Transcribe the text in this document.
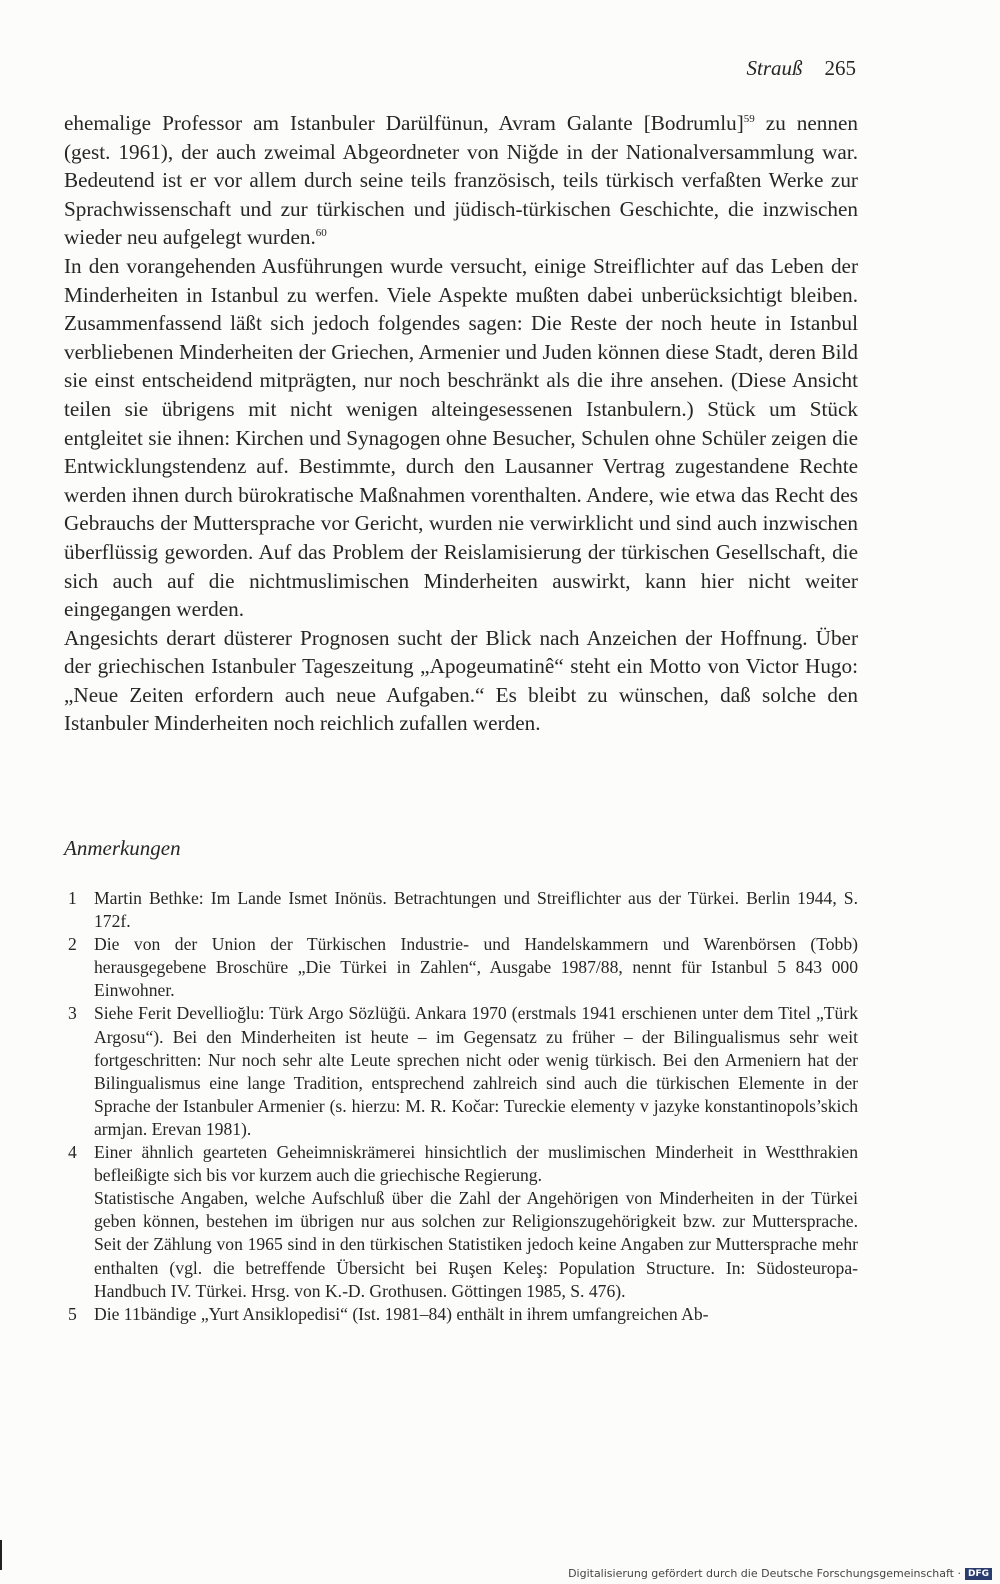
Strauß 265

ehemalige Professor am Istanbuler Darülfünun, Avram Galante [Bodrumlu]$^{59}$ zu nennen (gest. 1961), der auch zweimal Abgeordneter von Niğde in der Nationalversammlung war. Bedeutend ist er vor allem durch seine teils französisch, teils türkisch verfaßten Werke zur Sprachwissenschaft und zur türkischen und jüdisch-türkischen Geschichte, die inzwischen wieder neu aufgelegt wurden.$^{60}$

In den vorangehenden Ausführungen wurde versucht, einige Streiflichter auf das Leben der Minderheiten in Istanbul zu werfen. Viele Aspekte mußten dabei unberücksichtigt bleiben. Zusammenfassend läßt sich jedoch folgendes sagen: Die Reste der noch heute in Istanbul verbliebenen Minderheiten der Griechen, Armenier und Juden können diese Stadt, deren Bild sie einst entscheidend mitprägten, nur noch beschränkt als die ihre ansehen. (Diese Ansicht teilen sie übrigens mit nicht wenigen alteingesessenen Istanbulern.) Stück um Stück entgleitet sie ihnen: Kirchen und Synagogen ohne Besucher, Schulen ohne Schüler zeigen die Entwicklungstendenz auf. Bestimmte, durch den Lausanner Vertrag zugestandene Rechte werden ihnen durch bürokratische Maßnahmen vorenthalten. Andere, wie etwa das Recht des Gebrauchs der Muttersprache vor Gericht, wurden nie verwirklicht und sind auch inzwischen überflüssig geworden. Auf das Problem der Reislamisierung der türkischen Gesellschaft, die sich auch auf die nichtmuslimischen Minderheiten auswirkt, kann hier nicht weiter eingegangen werden.

Angesichts derart düsterer Prognosen sucht der Blick nach Anzeichen der Hoffnung. Über der griechischen Istanbuler Tageszeitung „Apogeumatinê“ steht ein Motto von Victor Hugo: „Neue Zeiten erfordern auch neue Aufgaben.“ Es bleibt zu wünschen, daß solche den Istanbuler Minderheiten noch reichlich zufallen werden.

Anmerkungen
1 Martin Bethke: Im Lande Ismet Inönüs. Betrachtungen und Streiflichter aus der Türkei. Berlin 1944, S. 172f.

2 Die von der Union der Türkischen Industrie- und Handelskammern und Warenbörsen (Tobb) herausgegebene Broschüre „Die Türkei in Zahlen“, Ausgabe 1987/88, nennt für Istanbul 5 843 000 Einwohner.

3 Siehe Ferit Devellioğlu: Türk Argo Sözlüğü. Ankara 1970 (erstmals 1941 erschienen unter dem Titel „Türk Argosu“). Bei den Minderheiten ist heute – im Gegensatz zu früher – der Bilingualismus sehr weit fortgeschritten: Nur noch sehr alte Leute sprechen nicht oder wenig türkisch. Bei den Armeniern hat der Bilingualismus eine lange Tradition, entsprechend zahlreich sind auch die türkischen Elemente in der Sprache der Istanbuler Armenier (s. hierzu: M. R. Kočar: Tureckie elementy v jazyke konstantinopols’skich armjan. Erevan 1981).

4 Einer ähnlich gearteten Geheimniskrämerei hinsichtlich der muslimischen Minderheit in Westthrakien befleißigte sich bis vor kurzem auch die griechische Regierung.

Statistische Angaben, welche Aufschluß über die Zahl der Angehörigen von Minderheiten in der Türkei geben können, bestehen im übrigen nur aus solchen zur Religionszugehörigkeit bzw. zur Muttersprache. Seit der Zählung von 1965 sind in den türkischen Statistiken jedoch keine Angaben zur Muttersprache mehr enthalten (vgl. die betreffende Übersicht bei Ruşen Keleş: Population Structure. In: Südosteuropa-Handbuch IV. Türkei. Hrsg. von K.-D. Grothusen. Göttingen 1985, S. 476).

5 Die 11bändige „Yurt Ansiklopedisi“ (Ist. 1981–84) enthält in ihrem umfangreichen Ab-

Digitalisierung gefördert durch die Deutsche Forschungsgemeinschaft · DFG
